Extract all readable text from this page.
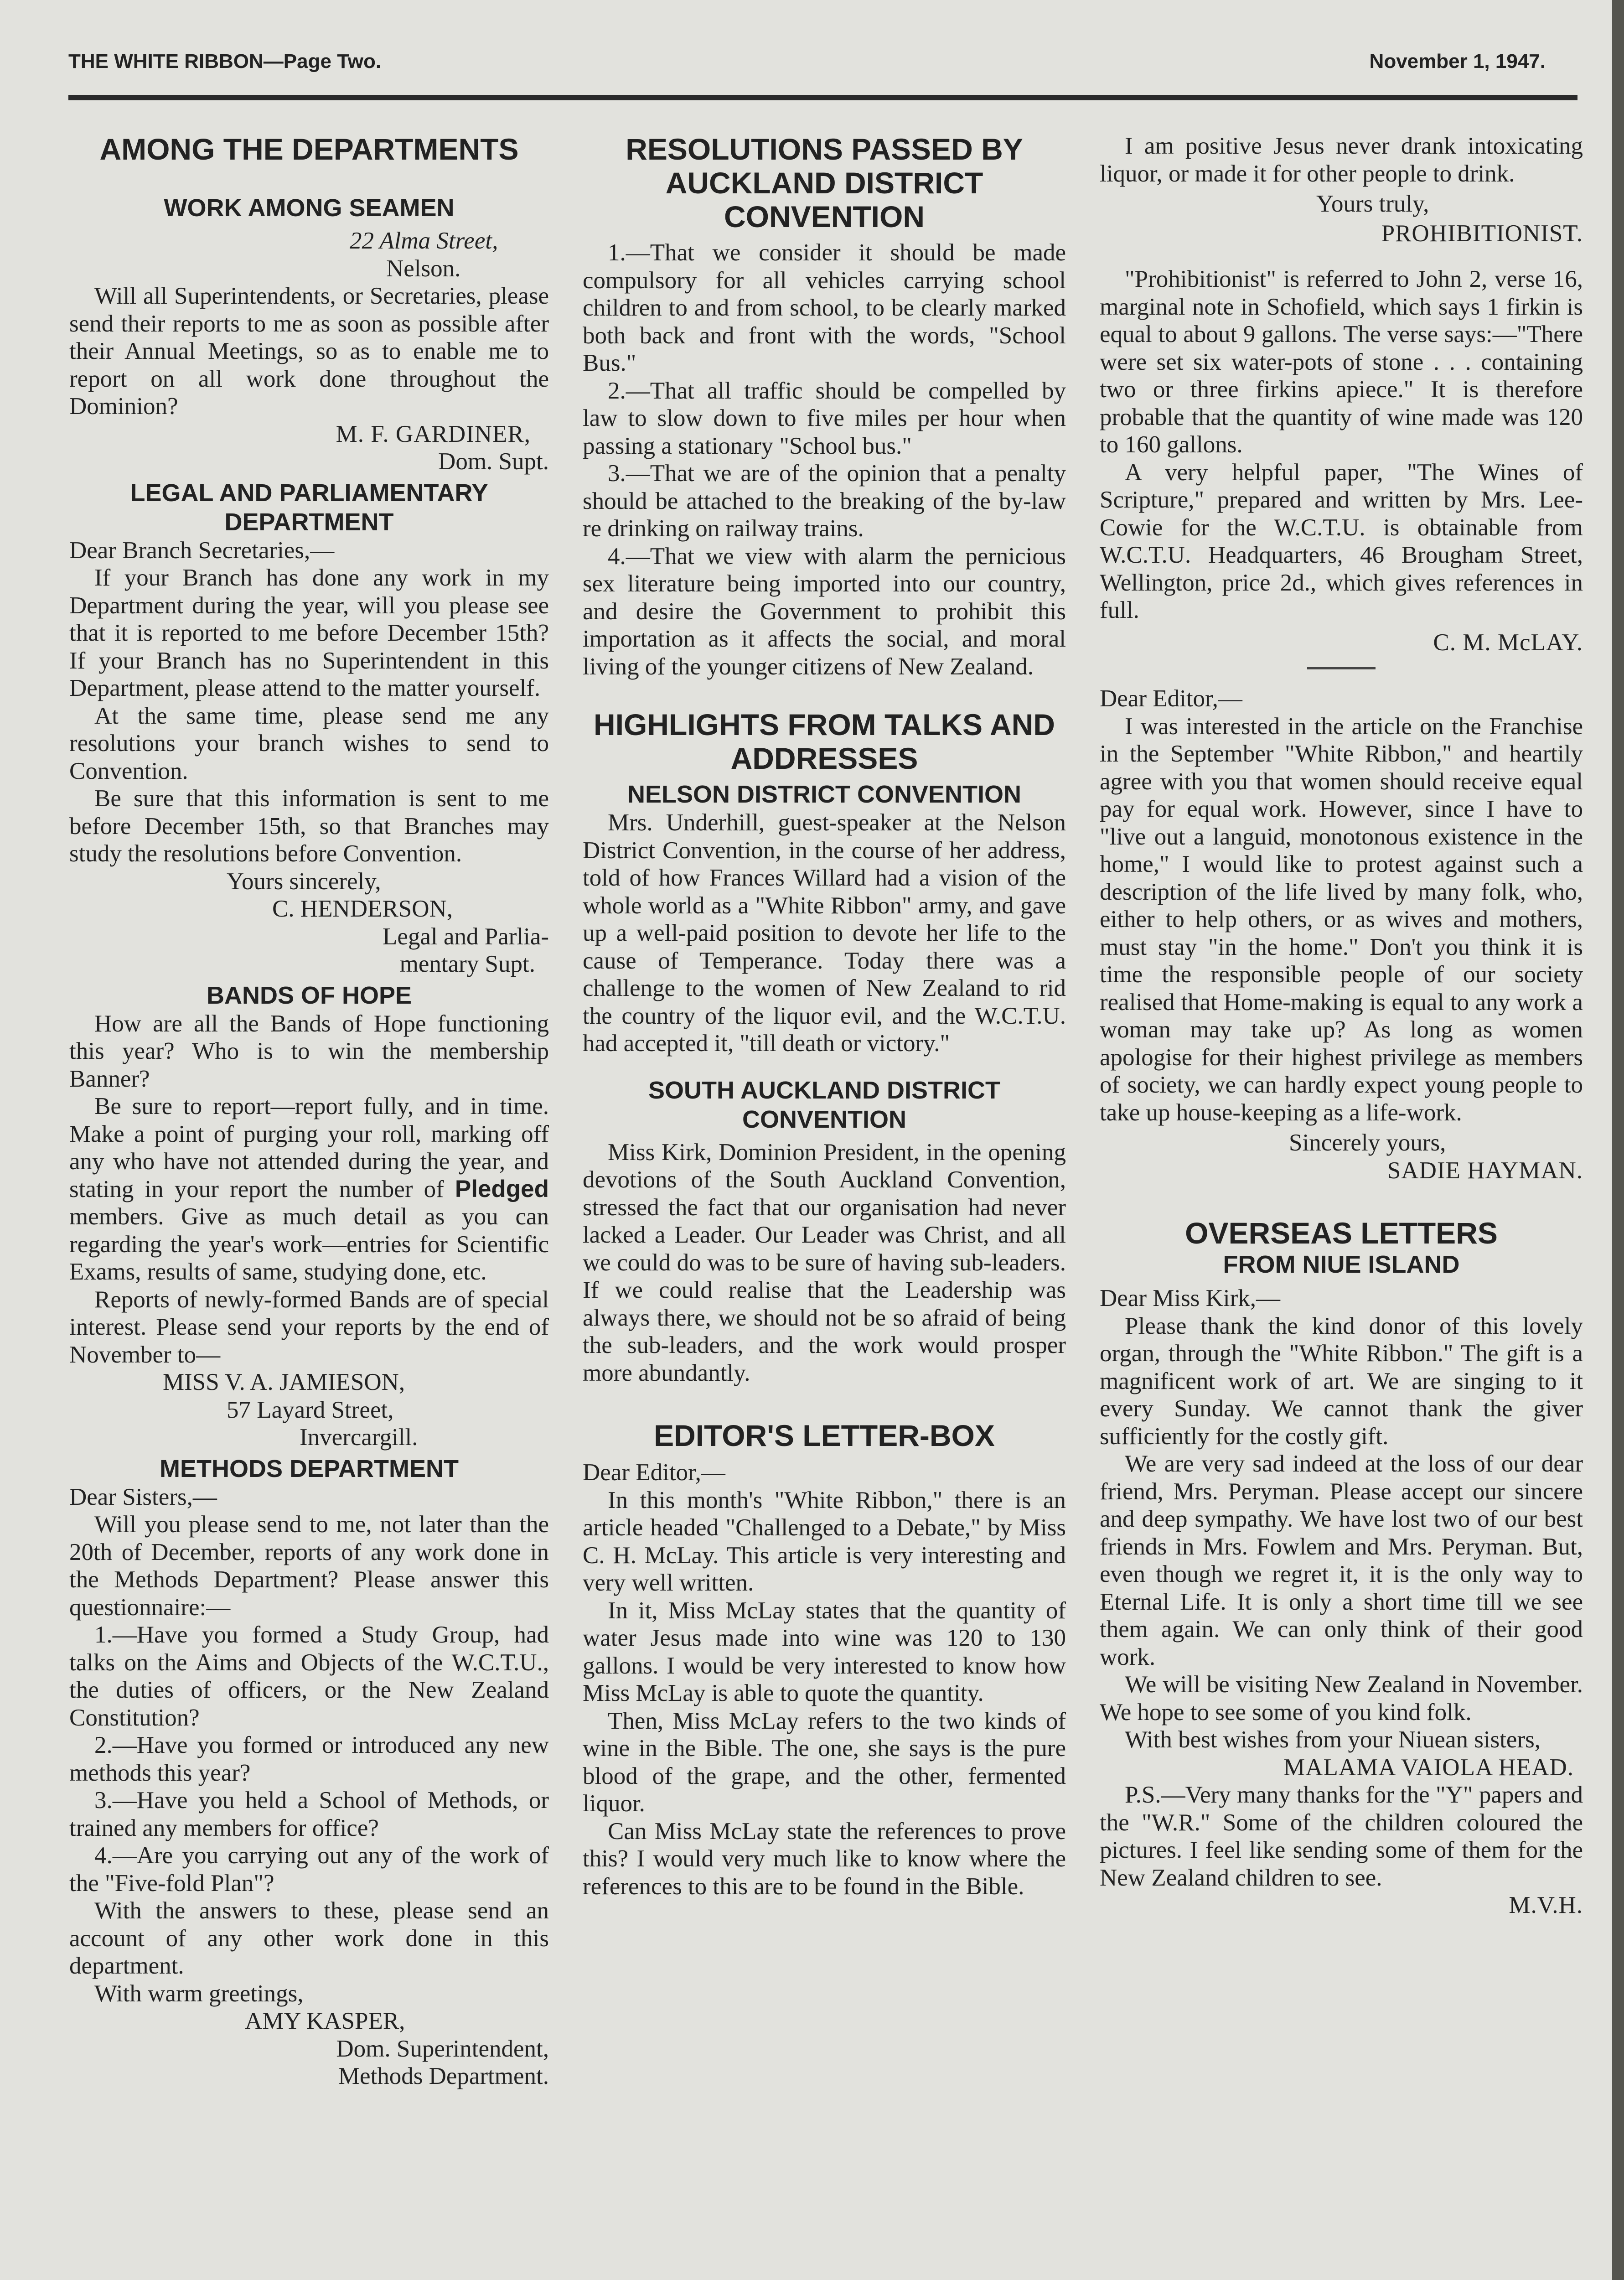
THE WHITE RIBBON—Page Two.	November 1, 1947.
AMONG THE DEPARTMENTS
WORK AMONG SEAMEN

22 Alma Street,

Nelson.

Will all Superintendents, or Secretaries, please send their reports to me as soon as possible after their Annual Meetings, so as to enable me to report on all work done throughout the Dominion?

M. F. GARDINER,

Dom. Supt.

LEGAL AND PARLIAMENTARY DEPARTMENT

Dear Branch Secretaries,—

If your Branch has done any work in my Department during the year, will you please see that it is reported to me before December 15th? If your Branch has no Superintendent in this Department, please attend to the matter yourself.

At the same time, please send me any resolutions your branch wishes to send to Convention.

Be sure that this information is sent to me before December 15th, so that Branches may study the resolutions before Convention.

Yours sincerely,

C. HENDERSON,

Legal and Parlia-

mentary Supt.

BANDS OF HOPE

How are all the Bands of Hope functioning this year? Who is to win the membership Banner?

Be sure to report—report fully, and in time. Make a point of purging your roll, marking off any who have not attended during the year, and stating in your report the number of Pledged members. Give as much detail as you can regarding the year's work—entries for Scientific Exams, results of same, studying done, etc.

Reports of newly-formed Bands are of special interest. Please send your reports by the end of November to—

MISS V. A. JAMIESON,

57 Layard Street,

Invercargill.

METHODS DEPARTMENT

Dear Sisters,—

Will you please send to me, not later than the 20th of December, reports of any work done in the Methods Department? Please answer this questionnaire:—

1.—Have you formed a Study Group, had talks on the Aims and Objects of the W.C.T.U., the duties of officers, or the New Zealand Constitution?

2.—Have you formed or introduced any new methods this year?

3.—Have you held a School of Methods, or trained any members for office?

4.—Are you carrying out any of the work of the "Five-fold Plan"?

With the answers to these, please send an account of any other work done in this department.

With warm greetings,

AMY KASPER,

Dom. Superintendent,

Methods Department.

RESOLUTIONS PASSED BY AUCKLAND DISTRICT CONVENTION

1.—That we consider it should be made compulsory for all vehicles carrying school children to and from school, to be clearly marked both back and front with the words, "School Bus."

2.—That all traffic should be compelled by law to slow down to five miles per hour when passing a stationary "School bus."

3.—That we are of the opinion that a penalty should be attached to the breaking of the by-law re drinking on railway trains.

4.—That we view with alarm the pernicious sex literature being imported into our country, and desire the Government to prohibit this importation as it affects the social, and moral living of the younger citizens of New Zealand.

HIGHLIGHTS FROM TALKS AND ADDRESSES
NELSON DISTRICT CONVENTION

Mrs. Underhill, guest-speaker at the Nelson District Convention, in the course of her address, told of how Frances Willard had a vision of the whole world as a "White Ribbon" army, and gave up a well-paid position to devote her life to the cause of Temperance. Today there was a challenge to the women of New Zealand to rid the country of the liquor evil, and the W.C.T.U. had accepted it, "till death or victory."

SOUTH AUCKLAND DISTRICT CONVENTION

Miss Kirk, Dominion President, in the opening devotions of the South Auckland Convention, stressed the fact that our organisation had never lacked a Leader. Our Leader was Christ, and all we could do was to be sure of having sub-leaders. If we could realise that the Leadership was always there, we should not be so afraid of being the sub-leaders, and the work would prosper more abundantly.

EDITOR'S LETTER-BOX

Dear Editor,—

In this month's "White Ribbon," there is an article headed "Challenged to a Debate," by Miss C. H. McLay. This article is very interesting and very well written.

In it, Miss McLay states that the quantity of water Jesus made into wine was 120 to 130 gallons. I would be very interested to know how Miss McLay is able to quote the quantity.

Then, Miss McLay refers to the two kinds of wine in the Bible. The one, she says is the pure blood of the grape, and the other, fermented liquor.

Can Miss McLay state the references to prove this? I would very much like to know where the references to this are to be found in the Bible.

I am positive Jesus never drank intoxicating liquor, or made it for other people to drink.

Yours truly,

PROHIBITIONIST.

"Prohibitionist" is referred to John 2, verse 16, marginal note in Schofield, which says 1 firkin is equal to about 9 gallons. The verse says:—"There were set six water-pots of stone . . . containing two or three firkins apiece." It is therefore probable that the quantity of wine made was 120 to 160 gallons.

A very helpful paper, "The Wines of Scripture," prepared and written by Mrs. Lee-Cowie for the W.C.T.U. is obtainable from W.C.T.U. Headquarters, 46 Brougham Street, Wellington, price 2d., which gives references in full.

C. M. McLAY.

Dear Editor,—

I was interested in the article on the Franchise in the September "White Ribbon," and heartily agree with you that women should receive equal pay for equal work. However, since I have to "live out a languid, monotonous existence in the home," I would like to protest against such a description of the life lived by many folk, who, either to help others, or as wives and mothers, must stay "in the home." Don't you think it is time the responsible people of our society realised that Home-making is equal to any work a woman may take up? As long as women apologise for their highest privilege as members of society, we can hardly expect young people to take up house-keeping as a life-work.

Sincerely yours,

SADIE HAYMAN.

OVERSEAS LETTERS
FROM NIUE ISLAND

Dear Miss Kirk,—

Please thank the kind donor of this lovely organ, through the "White Ribbon." The gift is a magnificent work of art. We are singing to it every Sunday. We cannot thank the giver sufficiently for the costly gift.

We are very sad indeed at the loss of our dear friend, Mrs. Peryman. Please accept our sincere and deep sympathy. We have lost two of our best friends in Mrs. Fowlem and Mrs. Peryman. But, even though we regret it, it is the only way to Eternal Life. It is only a short time till we see them again. We can only think of their good work.

We will be visiting New Zealand in November. We hope to see some of you kind folk.

With best wishes from your Niuean sisters,

MALAMA VAIOLA HEAD.

P.S.—Very many thanks for the "Y" papers and the "W.R." Some of the children coloured the pictures. I feel like sending some of them for the New Zealand children to see.

M.V.H.
